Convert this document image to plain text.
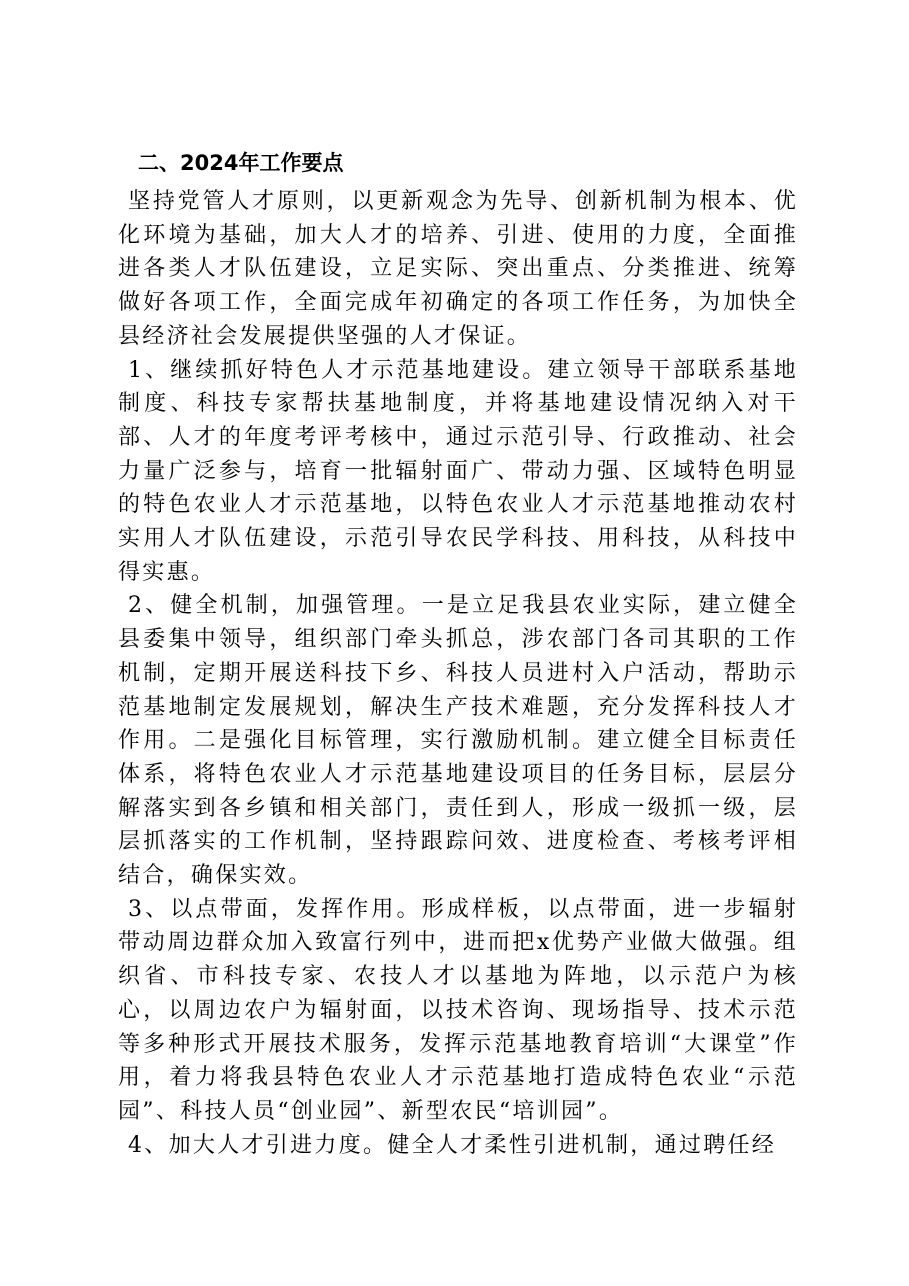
二、2024年工作要点

坚持党管人才原则，以更新观念为先导、创新机制为根本、优化环境为基础，加大人才的培养、引进、使用的力度，全面推进各类人才队伍建设，立足实际、突出重点、分类推进、统筹做好各项工作，全面完成年初确定的各项工作任务，为加快全县经济社会发展提供坚强的人才保证。

1、继续抓好特色人才示范基地建设。建立领导干部联系基地制度、科技专家帮扶基地制度，并将基地建设情况纳入对干部、人才的年度考评考核中，通过示范引导、行政推动、社会力量广泛参与，培育一批辐射面广、带动力强、区域特色明显的特色农业人才示范基地，以特色农业人才示范基地推动农村实用人才队伍建设，示范引导农民学科技、用科技，从科技中得实惠。

2、健全机制，加强管理。一是立足我县农业实际，建立健全县委集中领导，组织部门牵头抓总，涉农部门各司其职的工作机制，定期开展送科技下乡、科技人员进村入户活动，帮助示范基地制定发展规划，解决生产技术难题，充分发挥科技人才作用。二是强化目标管理，实行激励机制。建立健全目标责任体系，将特色农业人才示范基地建设项目的任务目标，层层分解落实到各乡镇和相关部门，责任到人，形成一级抓一级，层层抓落实的工作机制，坚持跟踪问效、进度检查、考核考评相结合，确保实效。

3、以点带面，发挥作用。形成样板，以点带面，进一步辐射带动周边群众加入致富行列中，进而把x优势产业做大做强。组织省、市科技专家、农技人才以基地为阵地，以示范户为核心，以周边农户为辐射面，以技术咨询、现场指导、技术示范等多种形式开展技术服务，发挥示范基地教育培训“大课堂”作用，着力将我县特色农业人才示范基地打造成特色农业“示范园”、科技人员“创业园”、新型农民“培训园”。

4、加大人才引进力度。健全人才柔性引进机制，通过聘任经
